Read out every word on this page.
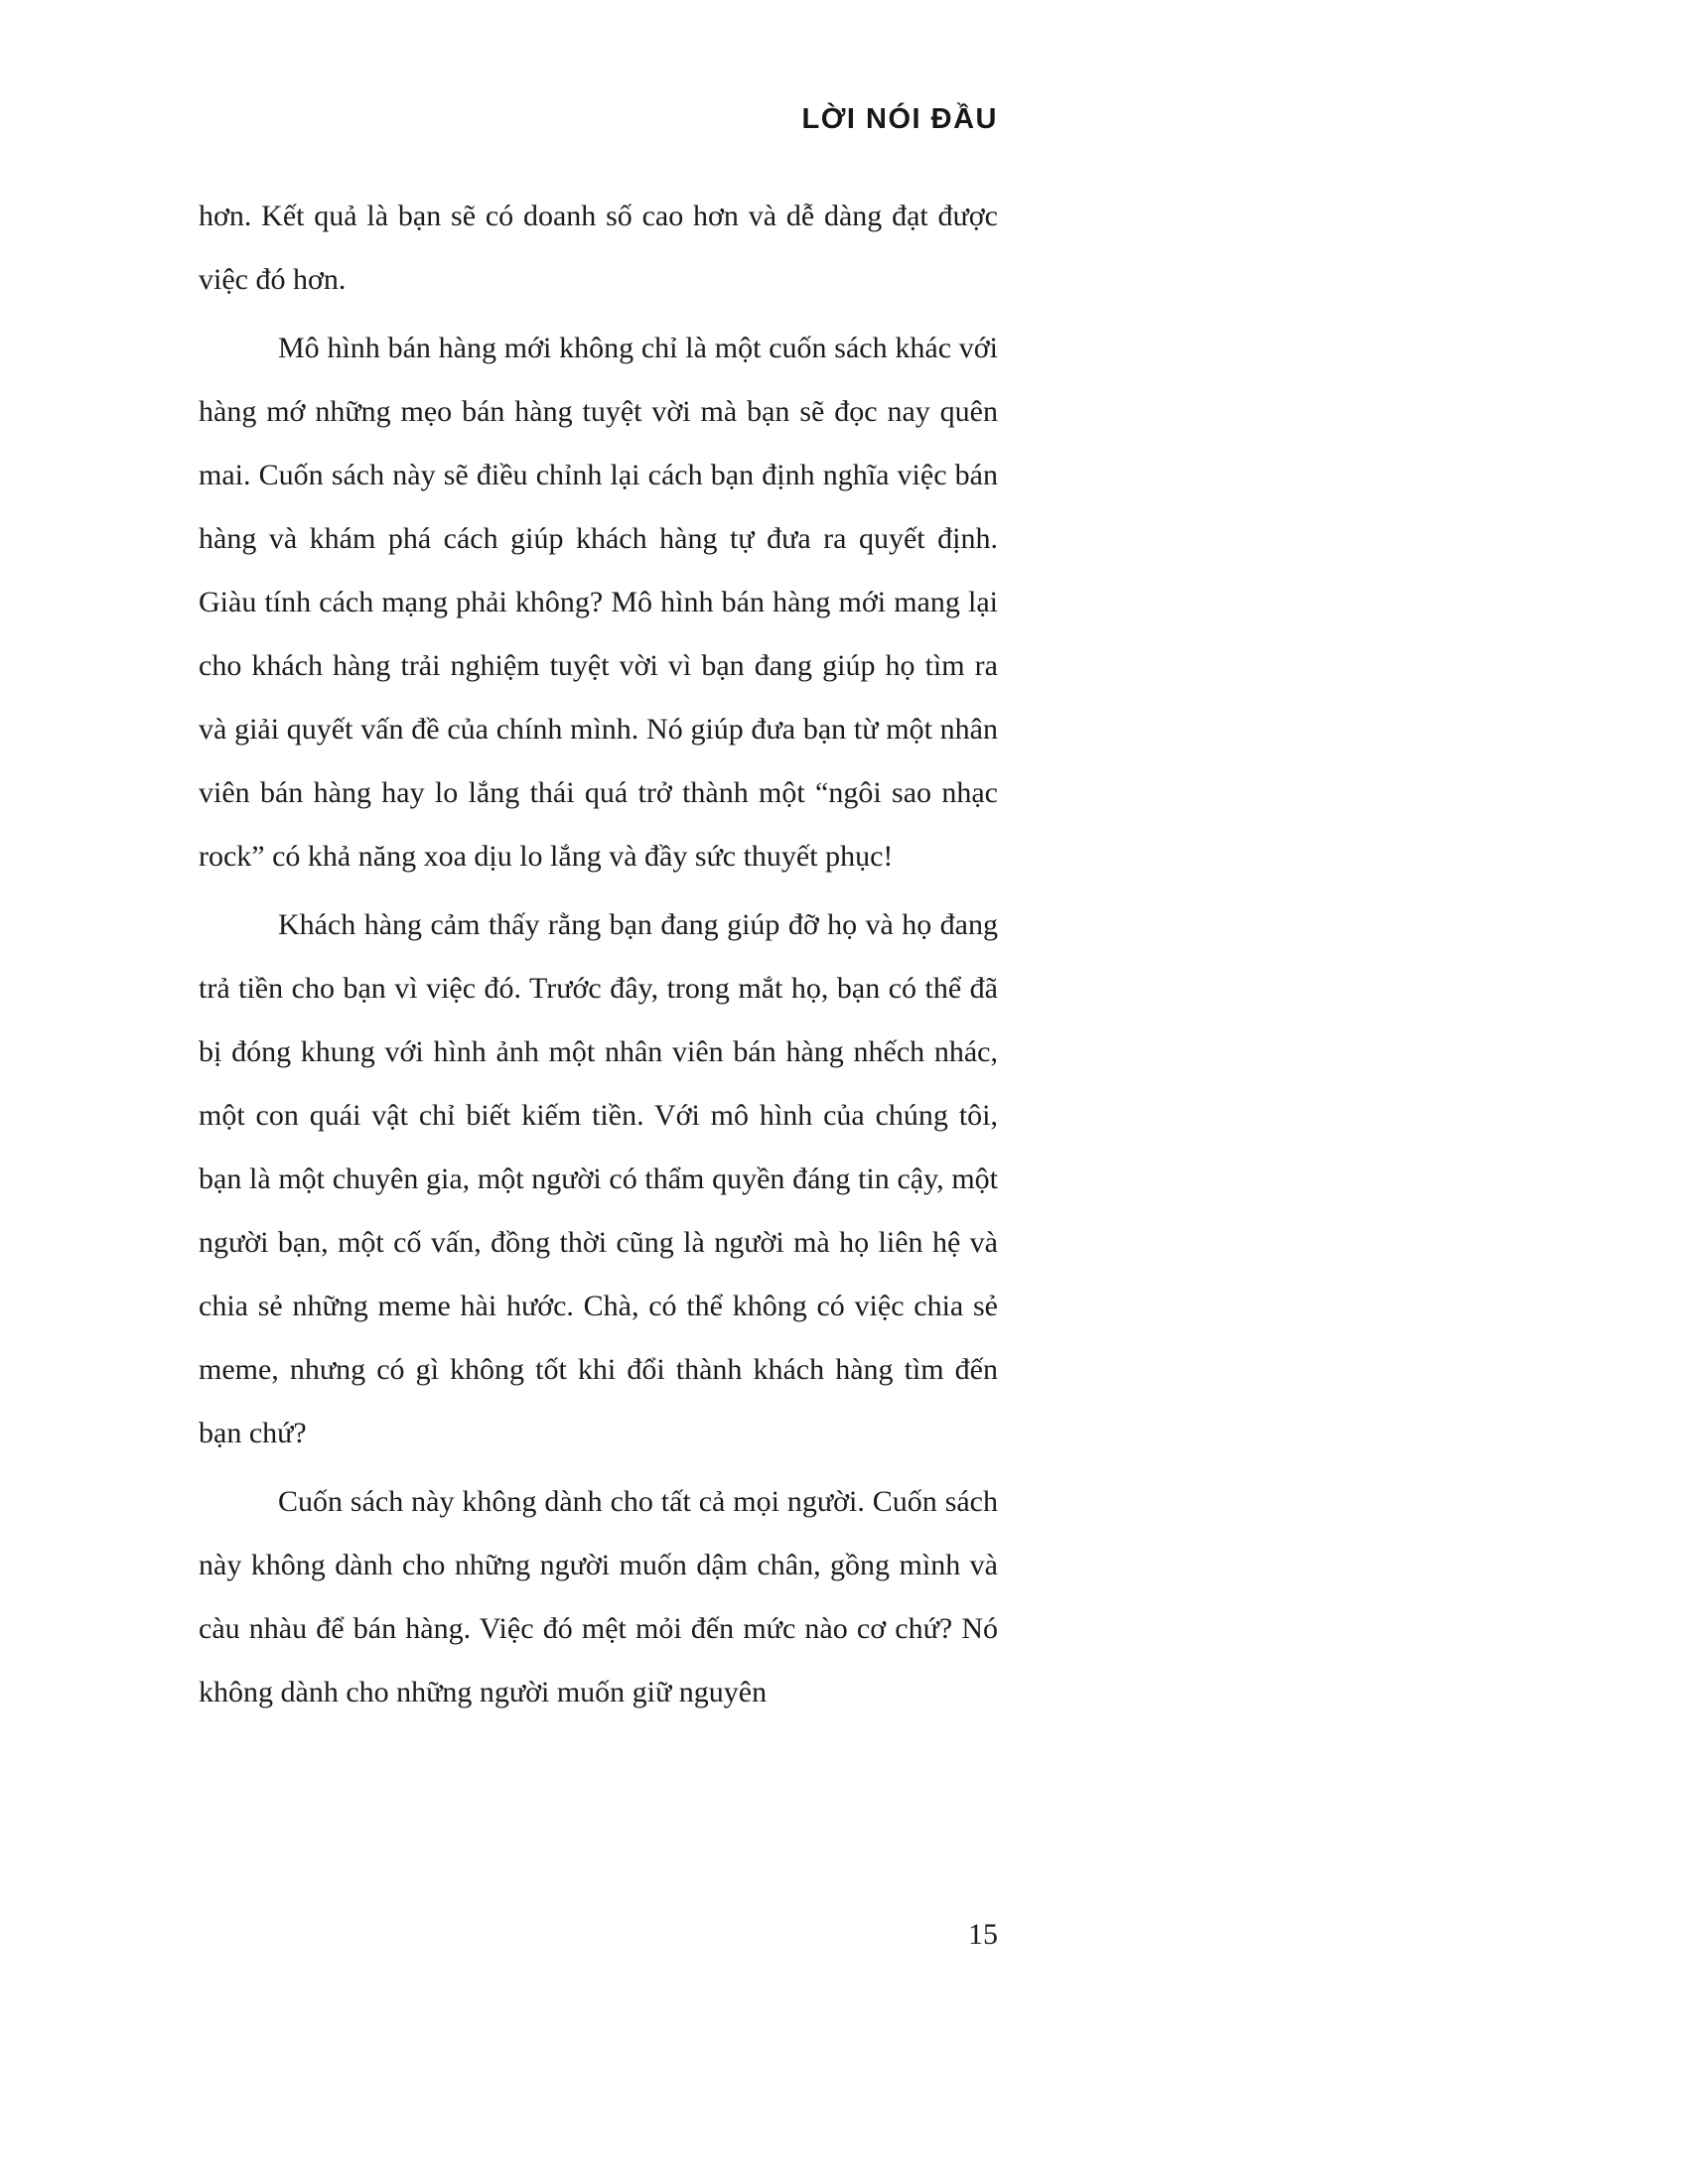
LỜI NÓI ĐẦU

hơn. Kết quả là bạn sẽ có doanh số cao hơn và dễ dàng đạt được việc đó hơn.

Mô hình bán hàng mới không chỉ là một cuốn sách khác với hàng mớ những mẹo bán hàng tuyệt vời mà bạn sẽ đọc nay quên mai. Cuốn sách này sẽ điều chỉnh lại cách bạn định nghĩa việc bán hàng và khám phá cách giúp khách hàng tự đưa ra quyết định. Giàu tính cách mạng phải không? Mô hình bán hàng mới mang lại cho khách hàng trải nghiệm tuyệt vời vì bạn đang giúp họ tìm ra và giải quyết vấn đề của chính mình. Nó giúp đưa bạn từ một nhân viên bán hàng hay lo lắng thái quá trở thành một “ngôi sao nhạc rock” có khả năng xoa dịu lo lắng và đầy sức thuyết phục!

Khách hàng cảm thấy rằng bạn đang giúp đỡ họ và họ đang trả tiền cho bạn vì việc đó. Trước đây, trong mắt họ, bạn có thể đã bị đóng khung với hình ảnh một nhân viên bán hàng nhếch nhác, một con quái vật chỉ biết kiếm tiền. Với mô hình của chúng tôi, bạn là một chuyên gia, một người có thẩm quyền đáng tin cậy, một người bạn, một cố vấn, đồng thời cũng là người mà họ liên hệ và chia sẻ những meme hài hước. Chà, có thể không có việc chia sẻ meme, nhưng có gì không tốt khi đổi thành khách hàng tìm đến bạn chứ?

Cuốn sách này không dành cho tất cả mọi người. Cuốn sách này không dành cho những người muốn dậm chân, gồng mình và càu nhàu để bán hàng. Việc đó mệt mỏi đến mức nào cơ chứ? Nó không dành cho những người muốn giữ nguyên

15
